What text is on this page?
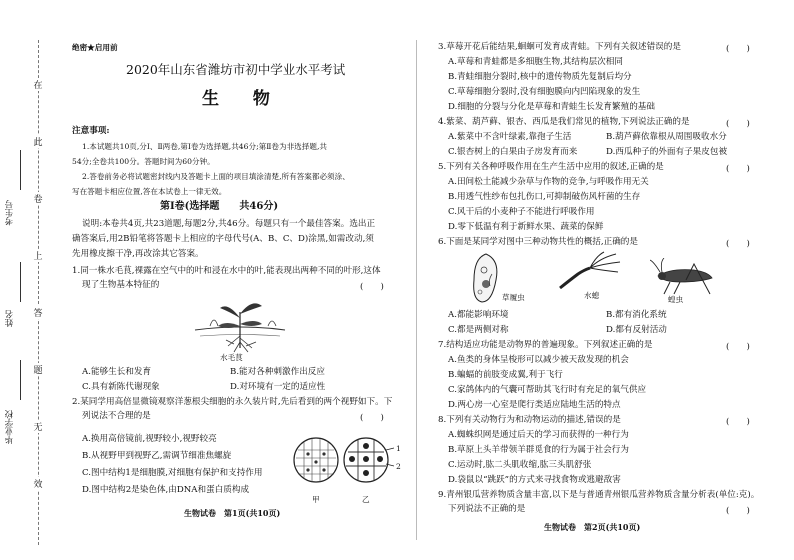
在
此
卷
上
答
题
无
效
考生号
姓名
毕业学校
绝密★启用前
2020年山东省潍坊市初中学业水平考试
生 物
注意事项:
1.本试题共10页,分Ⅰ、Ⅱ两卷,第Ⅰ卷为选择题,共46分;第Ⅱ卷为非选择题,共
54分;全卷共100分。答题时间为60分钟。
2.答卷前务必将试题密封线内及答题卡上面的项目填涂清楚,所有答案都必须涂、
写在答题卡相应位置,答在本试卷上一律无效。
第Ⅰ卷(选择题　　共46分)
说明:本卷共4页,共23道题,每题2分,共46分。每题只有一个最佳答案。选出正
确答案后,用2B铅笔将答题卡上相应的字母代号(A、B、C、D)涂黑,如需改动,须
先用橡皮擦干净,再改涂其它答案。
1.同一株水毛茛,裸露在空气中的叶和浸在水中的叶,能表现出两种不同的叶形,这体
现了生物基本特征的	(　　)
水毛茛
A.能够生长和发育	B.能对各种刺激作出反应
C.具有新陈代谢现象	D.对环境有一定的适应性
2.某同学用高倍显微镜观察洋葱根尖细胞的永久装片时,先后看到的两个视野如下。下
列说法不合理的是	(　　)
A.换用高倍镜前,视野较小,视野较亮
B.从视野甲到视野乙,需调节细准焦螺旋
C.图中结构1是细胞膜,对细胞有保护和支持作用
D.图中结构2是染色体,由DNA和蛋白质构成
1
2
甲	乙
生物试卷　第1页(共10页)
3.草莓开花后能结果,蛔蛔可发育成青蛙。下列有关叙述错误的是	(　　)
A.草莓和青蛙都是多细胞生物,其结构层次相同
B.青蛙细胞分裂时,核中的遗传物质先复制后均分
C.草莓细胞分裂时,没有细胞膜向内凹陷现象的发生
D.细胞的分裂与分化是草莓和青蛙生长发育繁殖的基础
4.紫菜、葫芦藓、银杏、西瓜是我们常见的植物,下列说法正确的是	(　　)
A.紫菜中不含叶绿素,靠孢子生活	B.葫芦藓依靠根从周围吸收水分
C.银杏树上的白果由子房发育而来	D.西瓜种子的外面有子果皮包被
5.下列有关各种呼吸作用在生产生活中应用的叙述,正确的是	(　　)
A.田间松土能减少杂草与作物的竞争,与呼吸作用无关
B.用透气性纱布包扎伤口,可抑制破伤风杆菌的生存
C.风干后的小麦种子不能进行呼吸作用
D.零下低温有利于新鲜水果、蔬菜的保鲜
6.下面是某同学对图中三种动物共性的概括,正确的是	(　　)
草履虫	水螅	蝗虫
A.都能影响环境	B.都有消化系统
C.都是两侧对称	D.都有反射活动
7.结构适应功能是动物界的普遍现象。下列叙述正确的是	(　　)
A.鱼类的身体呈梭形可以减少被天敌发现的机会
B.蝙蝠的前肢变成翼,利于飞行
C.家鸽体内的气囊可帮助其飞行时有充足的氧气供应
D.两心房一心室是爬行类适应陆地生活的特点
8.下列有关动物行为和动物运动的描述,错误的是	(　　)
A.蜘蛛织网是通过后天的学习而获得的一种行为
B.草原上头羊带领羊群觅食的行为属于社会行为
C.运动时,肱二头肌收缩,肱三头肌舒张
D.袋鼠以“跳跃”的方式来寻找食物或逃避敌害
9.青州银瓜营养物质含量丰富,以下是与普通青州银瓜营养物质含量分析表(单位:克)。
下列说法不正确的是	(　　)
生物试卷　第2页(共10页)
